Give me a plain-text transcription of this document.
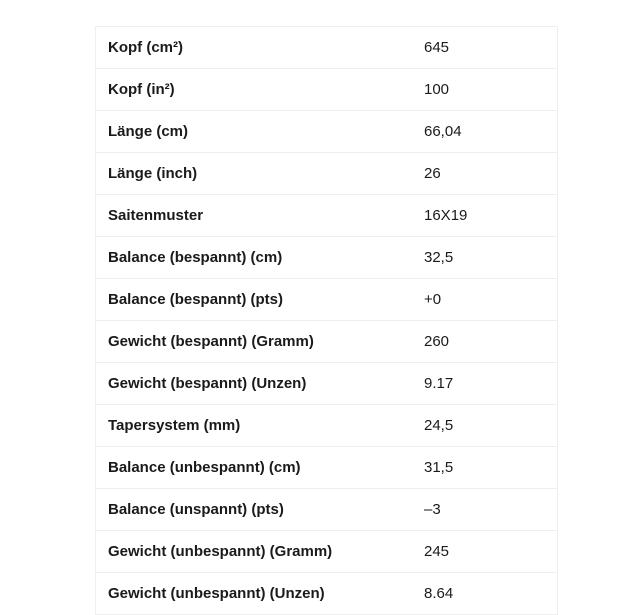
Kopf (cm²)	645
Kopf (in²)	100
Länge (cm)	66,04
Länge (inch)	26
Saitenmuster	16X19
Balance (bespannt) (cm)	32,5
Balance (bespannt) (pts)	+0
Gewicht (bespannt) (Gramm)	260
Gewicht (bespannt) (Unzen)	9.17
Tapersystem (mm)	24,5
Balance (unbespannt) (cm)	31,5
Balance (unspannt) (pts)	–3
Gewicht (unbespannt) (Gramm)	245
Gewicht (unbespannt) (Unzen)	8.64
